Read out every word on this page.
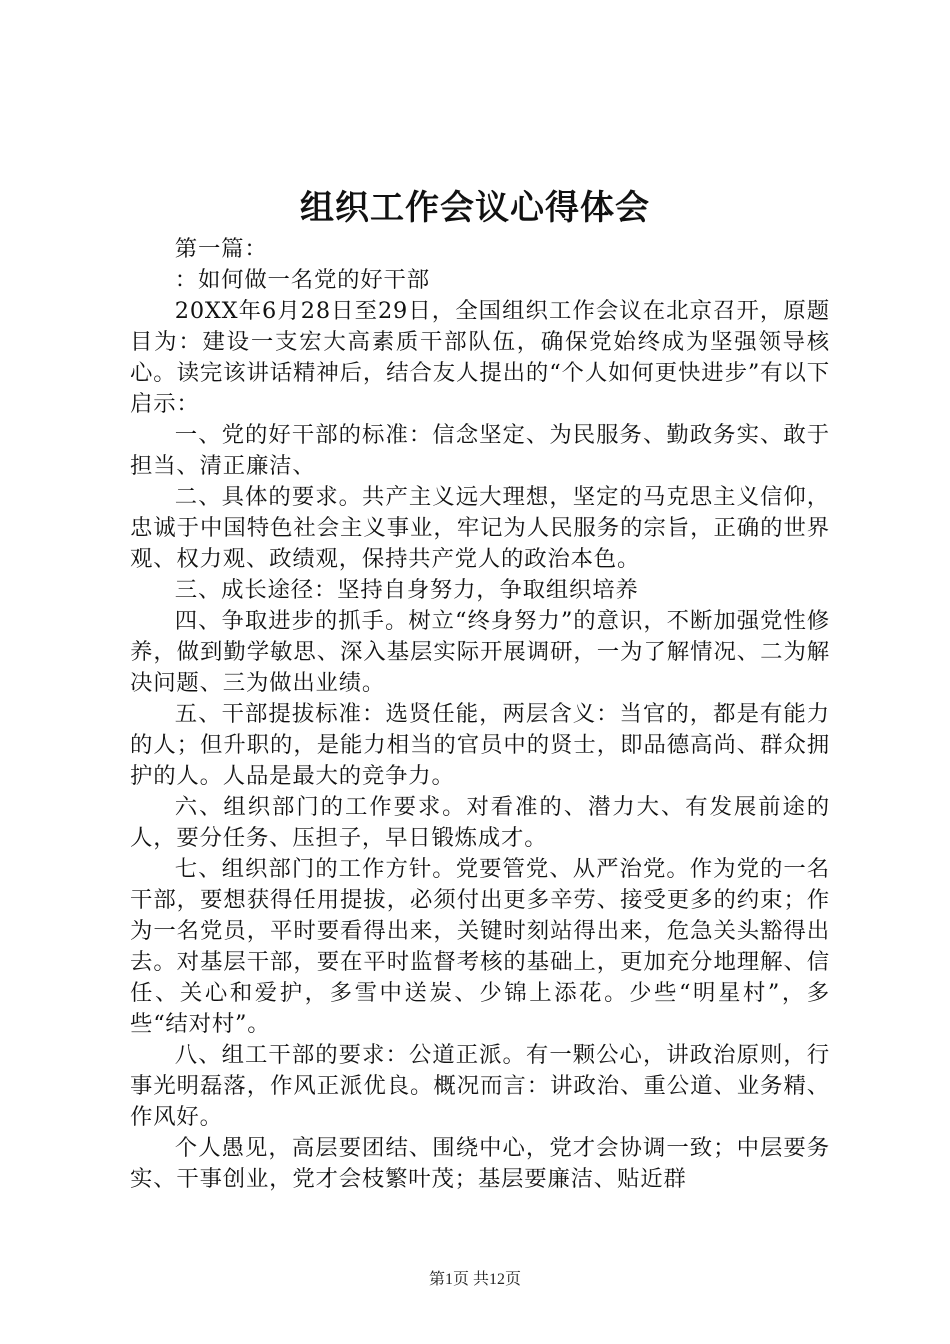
组织工作会议心得体会

第一篇：

：如何做一名党的好干部

20XX年6月28日至29日，全国组织工作会议在北京召开，原题目为：建设一支宏大高素质干部队伍，确保党始终成为坚强领导核心。读完该讲话精神后，结合友人提出的“个人如何更快进步”有以下启示：

一、党的好干部的标准：信念坚定、为民服务、勤政务实、敢于担当、清正廉洁、

二、具体的要求。共产主义远大理想，坚定的马克思主义信仰，忠诚于中国特色社会主义事业，牢记为人民服务的宗旨，正确的世界观、权力观、政绩观，保持共产党人的政治本色。

三、成长途径：坚持自身努力，争取组织培养

四、争取进步的抓手。树立“终身努力”的意识，不断加强党性修养，做到勤学敏思、深入基层实际开展调研，一为了解情况、二为解决问题、三为做出业绩。

五、干部提拔标准：选贤任能，两层含义：当官的，都是有能力的人；但升职的，是能力相当的官员中的贤士，即品德高尚、群众拥护的人。人品是最大的竞争力。

六、组织部门的工作要求。对看准的、潜力大、有发展前途的人，要分任务、压担子，早日锻炼成才。

七、组织部门的工作方针。党要管党、从严治党。作为党的一名干部，要想获得任用提拔，必须付出更多辛劳、接受更多的约束；作为一名党员，平时要看得出来，关键时刻站得出来，危急关头豁得出去。对基层干部，要在平时监督考核的基础上，更加充分地理解、信任、关心和爱护，多雪中送炭、少锦上添花。少些“明星村”，多些“结对村”。

八、组工干部的要求：公道正派。有一颗公心，讲政治原则，行事光明磊落，作风正派优良。概况而言：讲政治、重公道、业务精、作风好。

个人愚见，高层要团结、围绕中心，党才会协调一致；中层要务实、干事创业，党才会枝繁叶茂；基层要廉洁、贴近群

第1页 共12页
